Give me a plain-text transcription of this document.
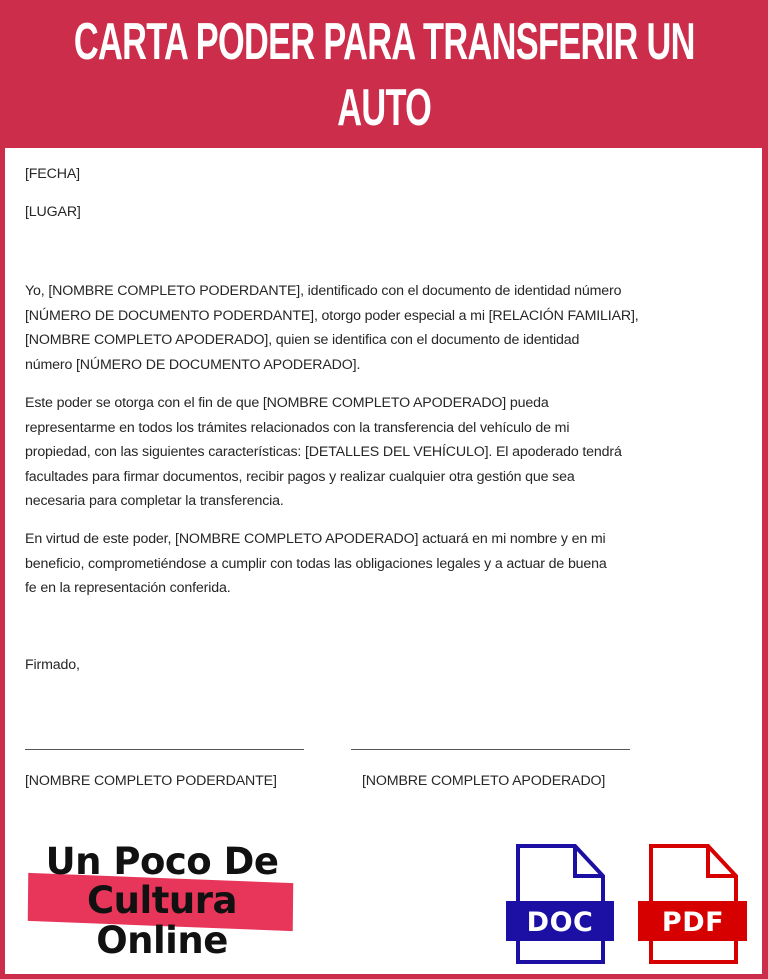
CARTA PODER PARA TRANSFERIR UN
AUTO
[FECHA]
[LUGAR]
Yo, [NOMBRE COMPLETO PODERDANTE], identificado con el documento de identidad número
[NÚMERO DE DOCUMENTO PODERDANTE], otorgo poder especial a mi [RELACIÓN FAMILIAR],
[NOMBRE COMPLETO APODERADO], quien se identifica con el documento de identidad
número [NÚMERO DE DOCUMENTO APODERADO].
Este poder se otorga con el fin de que [NOMBRE COMPLETO APODERADO] pueda
representarme en todos los trámites relacionados con la transferencia del vehículo de mi
propiedad, con las siguientes características: [DETALLES DEL VEHÍCULO]. El apoderado tendrá
facultades para firmar documentos, recibir pagos y realizar cualquier otra gestión que sea
necesaria para completar la transferencia.
En virtud de este poder, [NOMBRE COMPLETO APODERADO] actuará en mi nombre y en mi
beneficio, comprometiéndose a cumplir con todas las obligaciones legales y a actuar de buena
fe en la representación conferida.
Firmado,
[NOMBRE COMPLETO PODERDANTE]	[NOMBRE COMPLETO APODERADO]
Un Poco De
Cultura
Online	DOC	PDF
